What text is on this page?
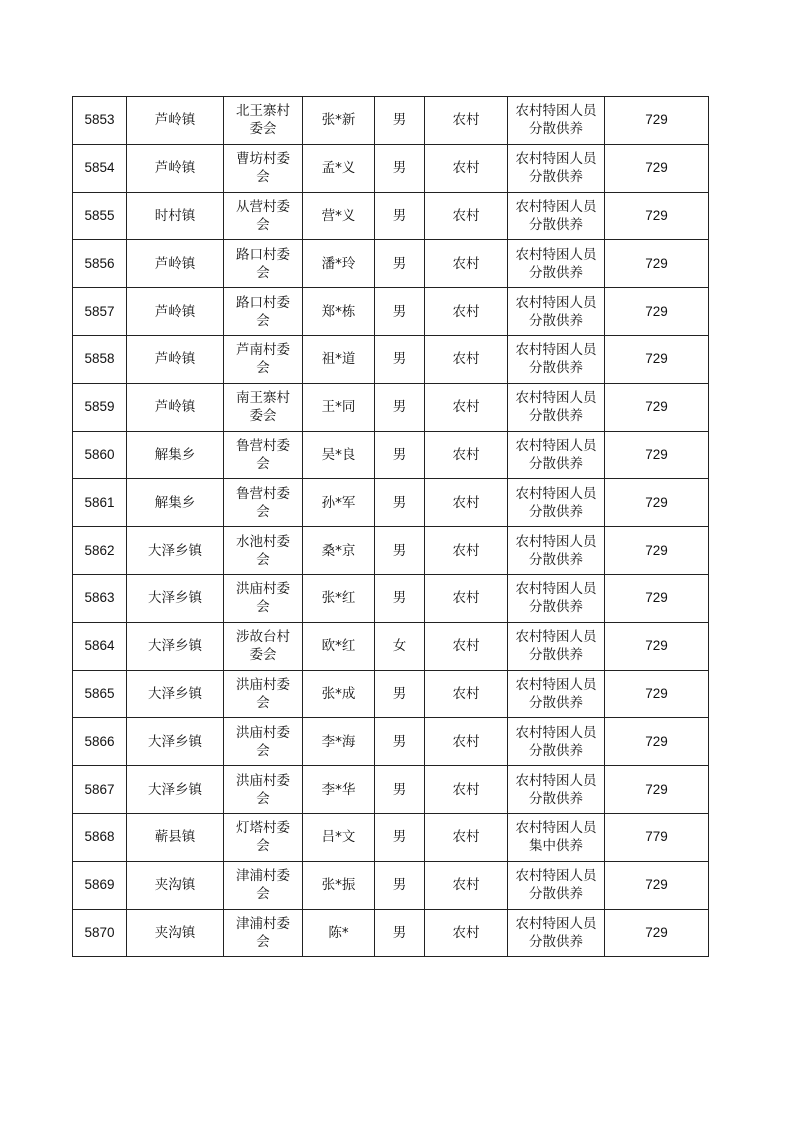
5853	芦岭镇	北王寨村委会	张*新	男	农村	农村特困人员分散供养	729
5854	芦岭镇	曹坊村委会	孟*义	男	农村	农村特困人员分散供养	729
5855	时村镇	从营村委会	营*义	男	农村	农村特困人员分散供养	729
5856	芦岭镇	路口村委会	潘*玲	男	农村	农村特困人员分散供养	729
5857	芦岭镇	路口村委会	郑*栋	男	农村	农村特困人员分散供养	729
5858	芦岭镇	芦南村委会	祖*道	男	农村	农村特困人员分散供养	729
5859	芦岭镇	南王寨村委会	王*同	男	农村	农村特困人员分散供养	729
5860	解集乡	鲁营村委会	吴*良	男	农村	农村特困人员分散供养	729
5861	解集乡	鲁营村委会	孙*军	男	农村	农村特困人员分散供养	729
5862	大泽乡镇	水池村委会	桑*京	男	农村	农村特困人员分散供养	729
5863	大泽乡镇	洪庙村委会	张*红	男	农村	农村特困人员分散供养	729
5864	大泽乡镇	涉故台村委会	欧*红	女	农村	农村特困人员分散供养	729
5865	大泽乡镇	洪庙村委会	张*成	男	农村	农村特困人员分散供养	729
5866	大泽乡镇	洪庙村委会	李*海	男	农村	农村特困人员分散供养	729
5867	大泽乡镇	洪庙村委会	李*华	男	农村	农村特困人员分散供养	729
5868	蕲县镇	灯塔村委会	吕*文	男	农村	农村特困人员集中供养	779
5869	夹沟镇	津浦村委会	张*振	男	农村	农村特困人员分散供养	729
5870	夹沟镇	津浦村委会	陈*	男	农村	农村特困人员分散供养	729
